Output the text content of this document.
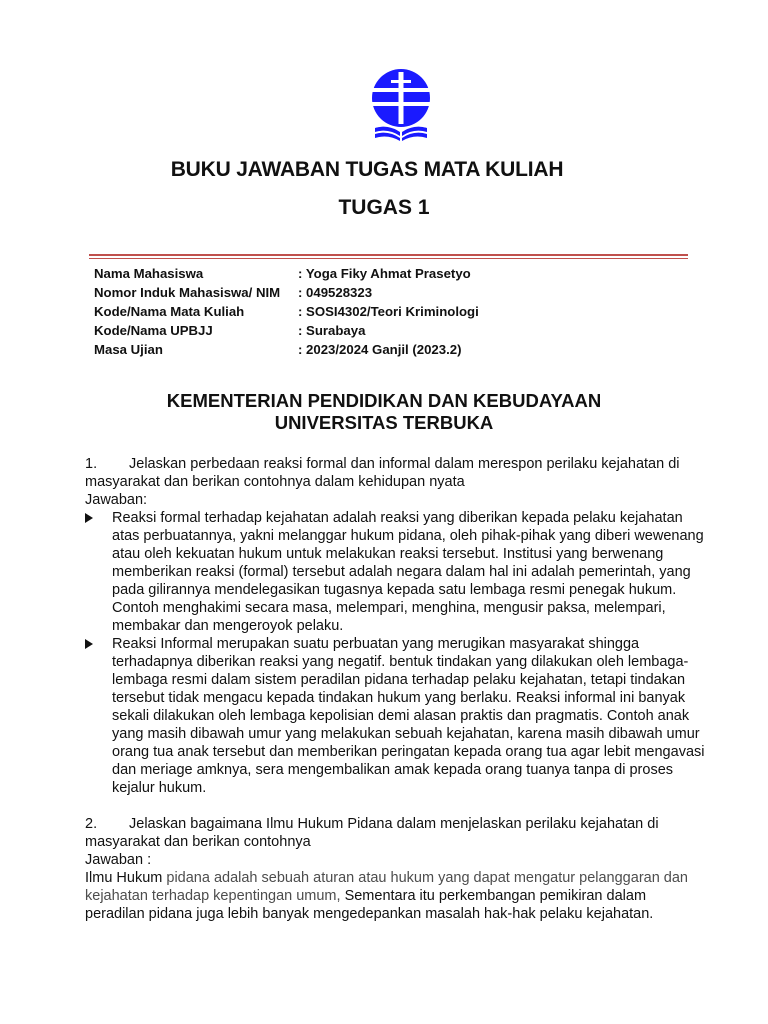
BUKU JAWABAN TUGAS MATA KULIAH
TUGAS 1
Nama Mahasiswa	: Yoga Fiky Ahmat Prasetyo
Nomor Induk Mahasiswa/ NIM : 049528323
Kode/Nama Mata Kuliah	: SOSI4302/Teori Kriminologi
Kode/Nama UPBJJ	: Surabaya
Masa Ujian	: 2023/2024 Ganjil (2023.2)
KEMENTERIAN PENDIDIKAN DAN KEBUDAYAAN
UNIVERSITAS TERBUKA
1. Jelaskan perbedaan reaksi formal dan informal dalam merespon perilaku kejahatan di masyarakat dan berikan contohnya dalam kehidupan nyata
Jawaban:
Reaksi formal terhadap kejahatan adalah reaksi yang diberikan kepada pelaku kejahatan atas perbuatannya, yakni melanggar hukum pidana, oleh pihak-pihak yang diberi wewenang atau oleh kekuatan hukum untuk melakukan reaksi tersebut. Institusi yang berwenang memberikan reaksi (formal) tersebut adalah negara dalam hal ini adalah pemerintah, yang pada gilirannya mendelegasikan tugasnya kepada satu lembaga resmi penegak hukum. Contoh menghakimi secara masa, melempari, menghina, mengusir paksa, melempari, membakar dan mengeroyok pelaku.
Reaksi Informal merupakan suatu perbuatan yang merugikan masyarakat shingga terhadapnya diberikan reaksi yang negatif. bentuk tindakan yang dilakukan oleh lembaga-lembaga resmi dalam sistem peradilan pidana terhadap pelaku kejahatan, tetapi tindakan tersebut tidak mengacu kepada tindakan hukum yang berlaku. Reaksi informal ini banyak sekali dilakukan oleh lembaga kepolisian demi alasan praktis dan pragmatis. Contoh anak yang masih dibawah umur yang melakukan sebuah kejahatan, karena masih dibawah umur orang tua anak tersebut dan memberikan peringatan kepada orang tua agar lebit mengavasi dan meriage amknya, sera mengembalikan amak kepada orang tuanya tanpa di proses kejalur hukum.
2. Jelaskan bagaimana Ilmu Hukum Pidana dalam menjelaskan perilaku kejahatan di masyarakat dan berikan contohnya
Jawaban :
Ilmu Hukum pidana adalah sebuah aturan atau hukum yang dapat mengatur pelanggaran dan kejahatan terhadap kepentingan umum, Sementara itu perkembangan pemikiran dalam peradilan pidana juga lebih banyak mengedepankan masalah hak-hak pelaku kejahatan.
